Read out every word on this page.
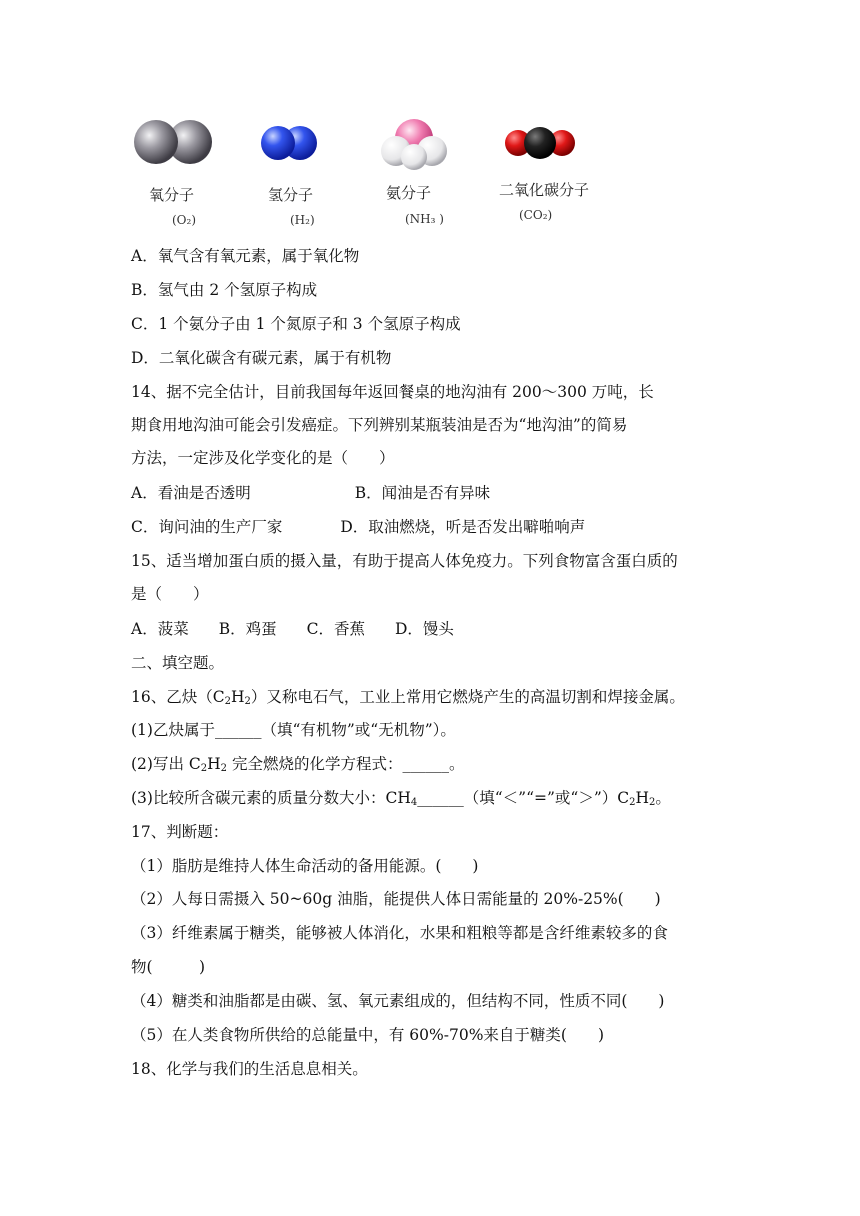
氧分子
(O₂)
氢分子
(H₂)
氨分子
(NH₃ )
二氧化碳分子
(CO₂)
A．氧气含有氧元素，属于氧化物
B．氢气由 2 个氢原子构成
C．1 个氨分子由 1 个氮原子和 3 个氢原子构成
D．二氧化碳含有碳元素，属于有机物
14、据不完全估计，目前我国每年返回餐桌的地沟油有 200～300 万吨，长
期食用地沟油可能会引发癌症。下列辨别某瓶装油是否为“地沟油”的简易
方法，一定涉及化学变化的是（　　）
A．看油是否透明	B．闻油是否有异味
C．询问油的生产厂家	D．取油燃烧，听是否发出噼啪响声
15、适当增加蛋白质的摄入量，有助于提高人体免疫力。下列食物富含蛋白质的
是（　　）
A．菠菜 B．鸡蛋 C．香蕉 D．馒头
二、填空题。
16、乙炔$(C_2H_2)$又称电石气，工业上常用它燃烧产生的高温切割和焊接金属。
(1)乙炔属于______（填“有机物”或“无机物”）。
(2)写出 $C_2H_2$ 完全燃烧的化学方程式：______。
(3)比较所含碳元素的质量分数大小：$CH_4\_\_\_\_\_\_$（填“＜”“=”或“$>”)C_2H_2$。
17、判断题：
（1）脂肪是维持人体生命活动的备用能源。(　　)
（2）人每日需摄入 50~60g 油脂，能提供人体日需能量的 20%-25%(　　)
（3）纤维素属于糖类，能够被人体消化，水果和粗粮等都是含纤维素较多的食
物(　　　)
（4）糖类和油脂都是由碳、氢、氧元素组成的，但结构不同，性质不同(　　)
（5）在人类食物所供给的总能量中，有 60%-70%来自于糖类(　　)
18、化学与我们的生活息息相关。
